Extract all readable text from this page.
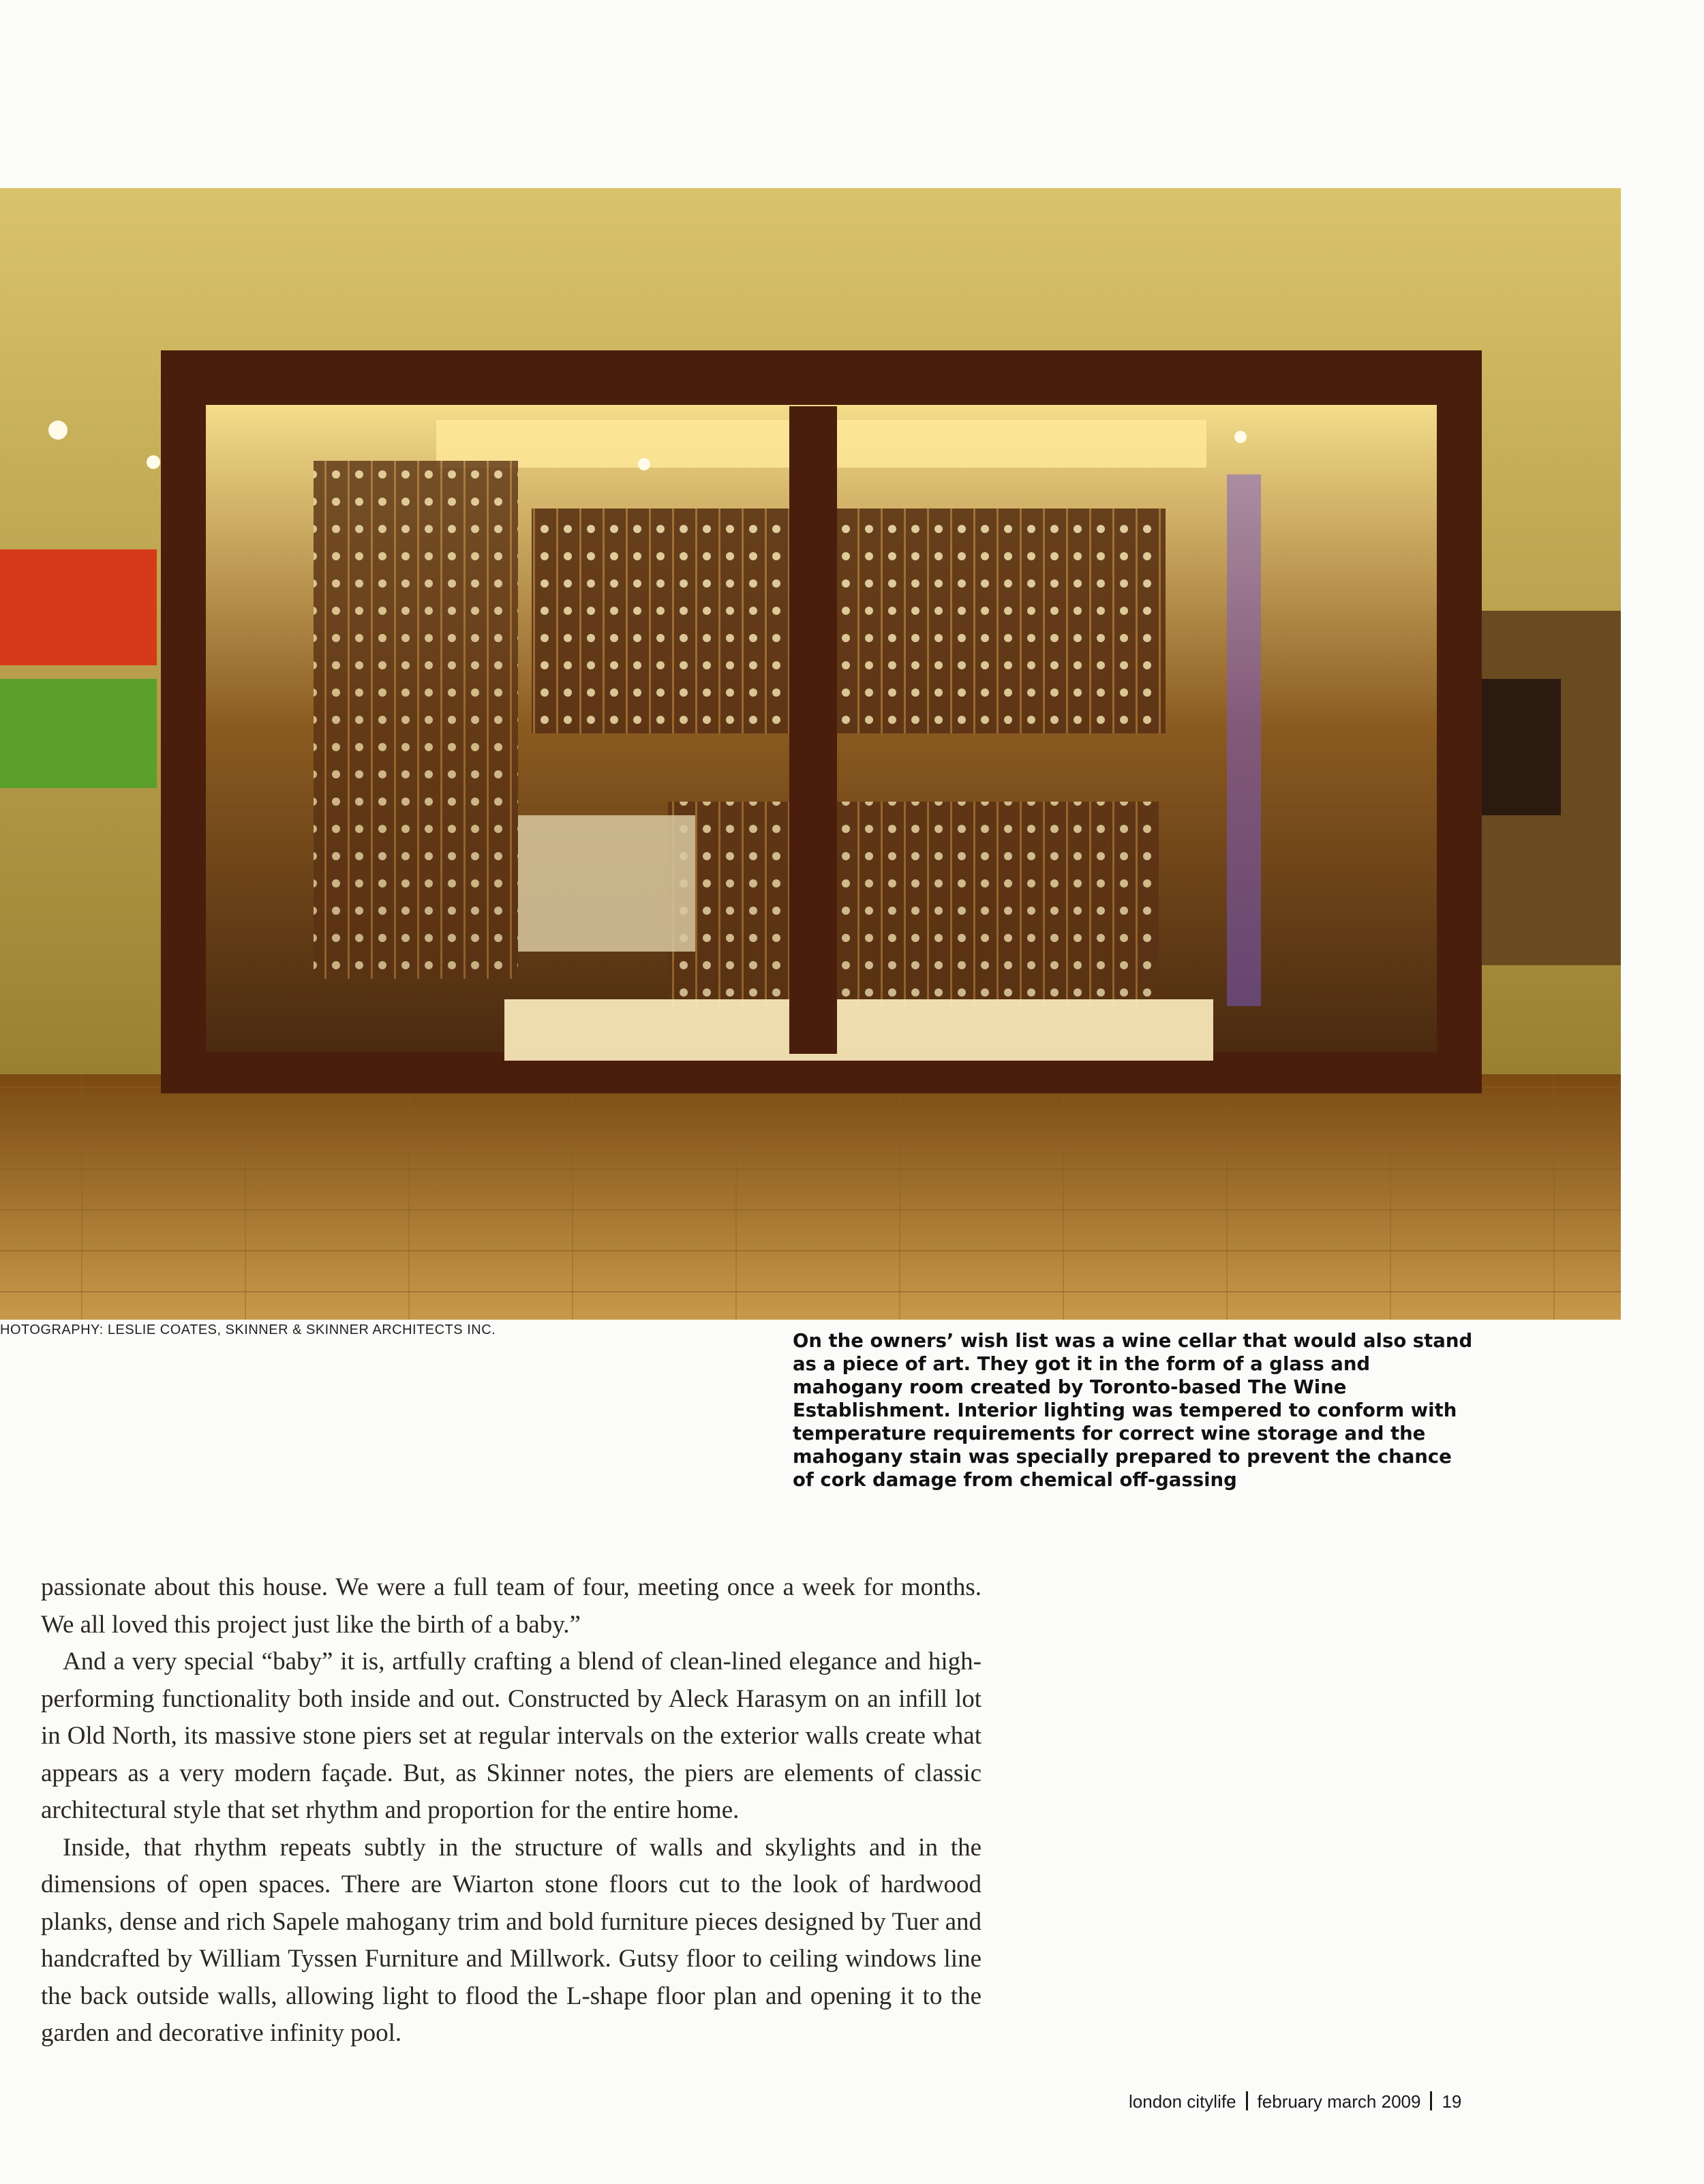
HOTOGRAPHY: LESLIE COATES, SKINNER & SKINNER ARCHITECTS INC.	On the owners’ wish list was a wine cellar that would also stand as a piece of art. They got it in the form of a glass and mahogany room created by Toronto-based The Wine Establishment. Interior lighting was tempered to conform with temperature requirements for correct wine storage and the mahogany stain was specially prepared to prevent the chance of cork damage from chemical off-gassing

passionate about this house. We were a full team of four, meeting once a week for months. We all loved this project just like the birth of a baby.”

And a very special “baby” it is, artfully crafting a blend of clean-lined elegance and high-performing functionality both inside and out. Constructed by Aleck Harasym on an infill lot in Old North, its massive stone piers set at regular intervals on the exterior walls create what appears as a very modern façade. But, as Skinner notes, the piers are elements of classic architectural style that set rhythm and proportion for the entire home.

Inside, that rhythm repeats subtly in the structure of walls and skylights and in the dimensions of open spaces. There are Wiarton stone floors cut to the look of hardwood planks, dense and rich Sapele mahogany trim and bold furniture pieces designed by Tuer and handcrafted by William Tyssen Furniture and Millwork. Gutsy floor to ceiling windows line the back outside walls, allowing light to flood the L-shape floor plan and opening it to the garden and decorative infinity pool.

london citylife february march 2009 19
